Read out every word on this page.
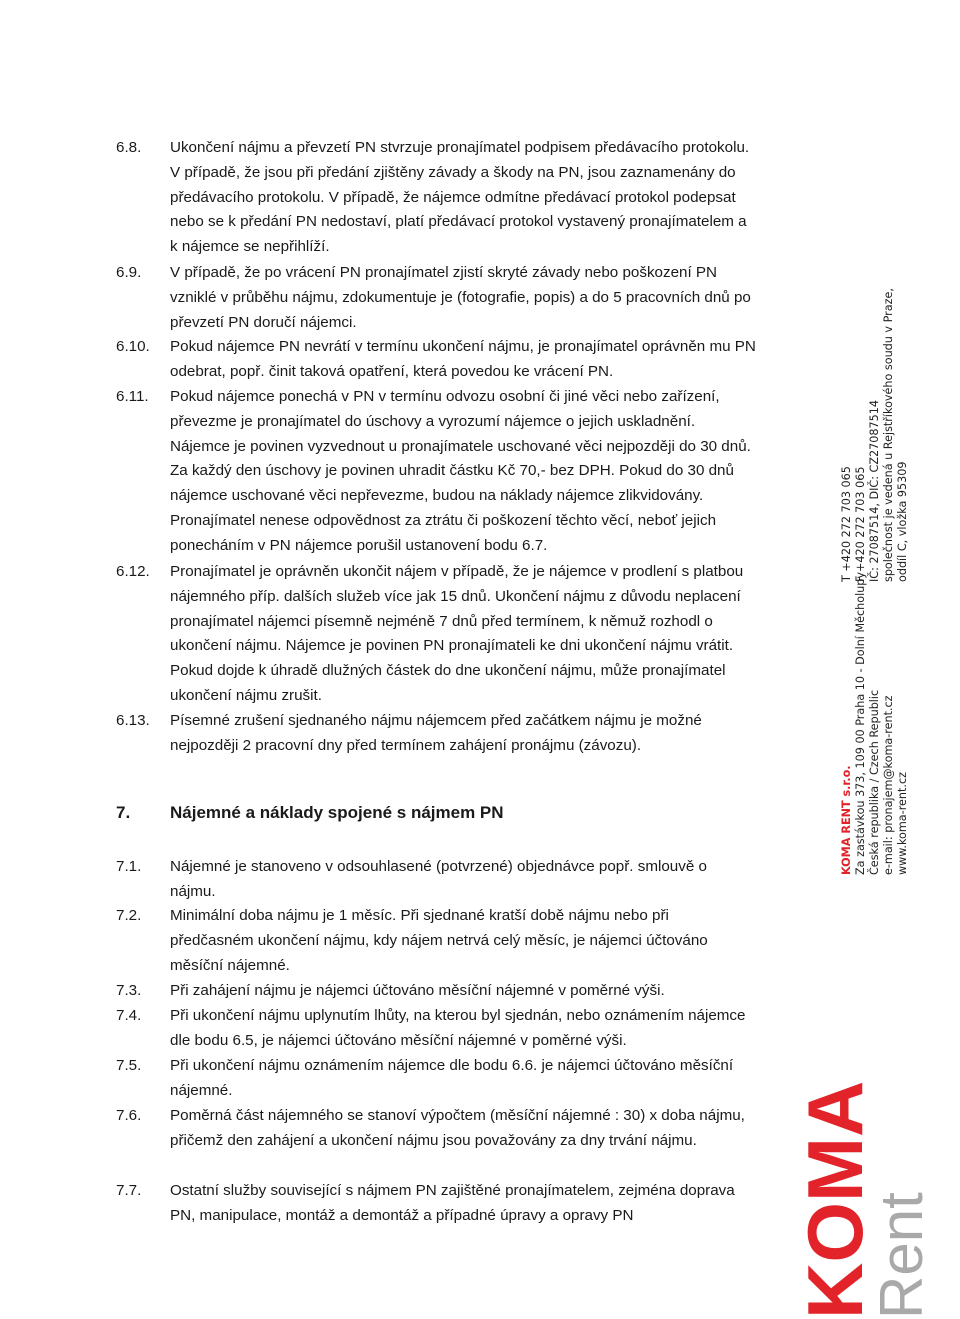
6.8.	Ukončení nájmu a převzetí PN stvrzuje pronajímatel podpisem předávacího protokolu. V případě, že jsou při předání zjištěny závady a škody na PN, jsou zaznamenány do předávacího protokolu. V případě, že nájemce odmítne předávací protokol podepsat nebo se k předání PN nedostaví, platí předávací protokol vystavený pronajímatelem a k nájemce se nepřihlíží.
6.9.	V případě, že po vrácení PN pronajímatel zjistí skryté závady nebo poškození PN vzniklé v průběhu nájmu, zdokumentuje je (fotografie, popis) a do 5 pracovních dnů po převzetí PN doručí nájemci.
6.10.	Pokud nájemce PN nevrátí v termínu ukončení nájmu, je pronajímatel oprávněn mu PN odebrat, popř. činit taková opatření, která povedou ke vrácení PN.
6.11.	Pokud nájemce ponechá v PN v termínu odvozu osobní či jiné věci nebo zařízení, převezme je pronajímatel do úschovy a vyrozumí nájemce o jejich uskladnění. Nájemce je povinen vyzvednout u pronajímatele uschované věci nejpozději do 30 dnů. Za každý den úschovy je povinen uhradit částku Kč 70,- bez DPH. Pokud do 30 dnů nájemce uschované věci nepřevezme, budou na náklady nájemce zlikvidovány. Pronajímatel nenese odpovědnost za ztrátu či poškození těchto věcí, neboť jejich ponecháním v PN nájemce porušil ustanovení bodu 6.7.
6.12.	Pronajímatel je oprávněn ukončit nájem v případě, že je nájemce v prodlení s platbou nájemného příp. dalších služeb více jak 15 dnů. Ukončení nájmu z důvodu neplacení pronajímatel nájemci písemně nejméně 7 dnů před termínem, k němuž rozhodl o ukončení nájmu. Nájemce je povinen PN pronajímateli ke dni ukončení nájmu vrátit. Pokud dojde k úhradě dlužných částek do dne ukončení nájmu, může pronajímatel ukončení nájmu zrušit.
6.13.	Písemné zrušení sjednaného nájmu nájemcem před začátkem nájmu je možné nejpozději 2 pracovní dny před termínem zahájení pronájmu (závozu).
7. Nájemné a náklady spojené s nájmem PN
7.1.	Nájemné je stanoveno v odsouhlasené (potvrzené) objednávce popř. smlouvě o nájmu.
7.2.	Minimální doba nájmu je 1 měsíc. Při sjednané kratší době nájmu nebo při předčasném ukončení nájmu, kdy nájem netrvá celý měsíc, je nájemci účtováno měsíční nájemné.
7.3.	Při zahájení nájmu je nájemci účtováno měsíční nájemné v poměrné výši.
7.4.	Při ukončení nájmu uplynutím lhůty, na kterou byl sjednán, nebo oznámením nájemce dle bodu 6.5, je nájemci účtováno měsíční nájemné v poměrné výši.
7.5.	Při ukončení nájmu oznámením nájemce dle bodu 6.6. je nájemci účtováno měsíční nájemné.
7.6.	Poměrná část nájemného se stanoví výpočtem (měsíční nájemné : 30) x doba nájmu, přičemž den zahájení a ukončení nájmu jsou považovány za dny trvání nájmu.
7.7.	Ostatní služby související s nájmem PN zajištěné pronajímatelem, zejména doprava PN, manipulace, montáž a demontáž a případné úpravy a opravy PN
KOMA RENT s.r.o. Za zastávkou 373, 109 00 Praha 10 - Dolní Měcholupy Česká republika / Czech Republic e-mail: pronajem@koma-rent.cz www.koma-rent.cz
T +420 272 703 065 F +420 272 703 065 IČ: 27087514, DIČ: CZ27087514 společnost je vedená u Rejstříkového soudu v Praze, oddíl C, vložka 95309
KOMA
Rent
